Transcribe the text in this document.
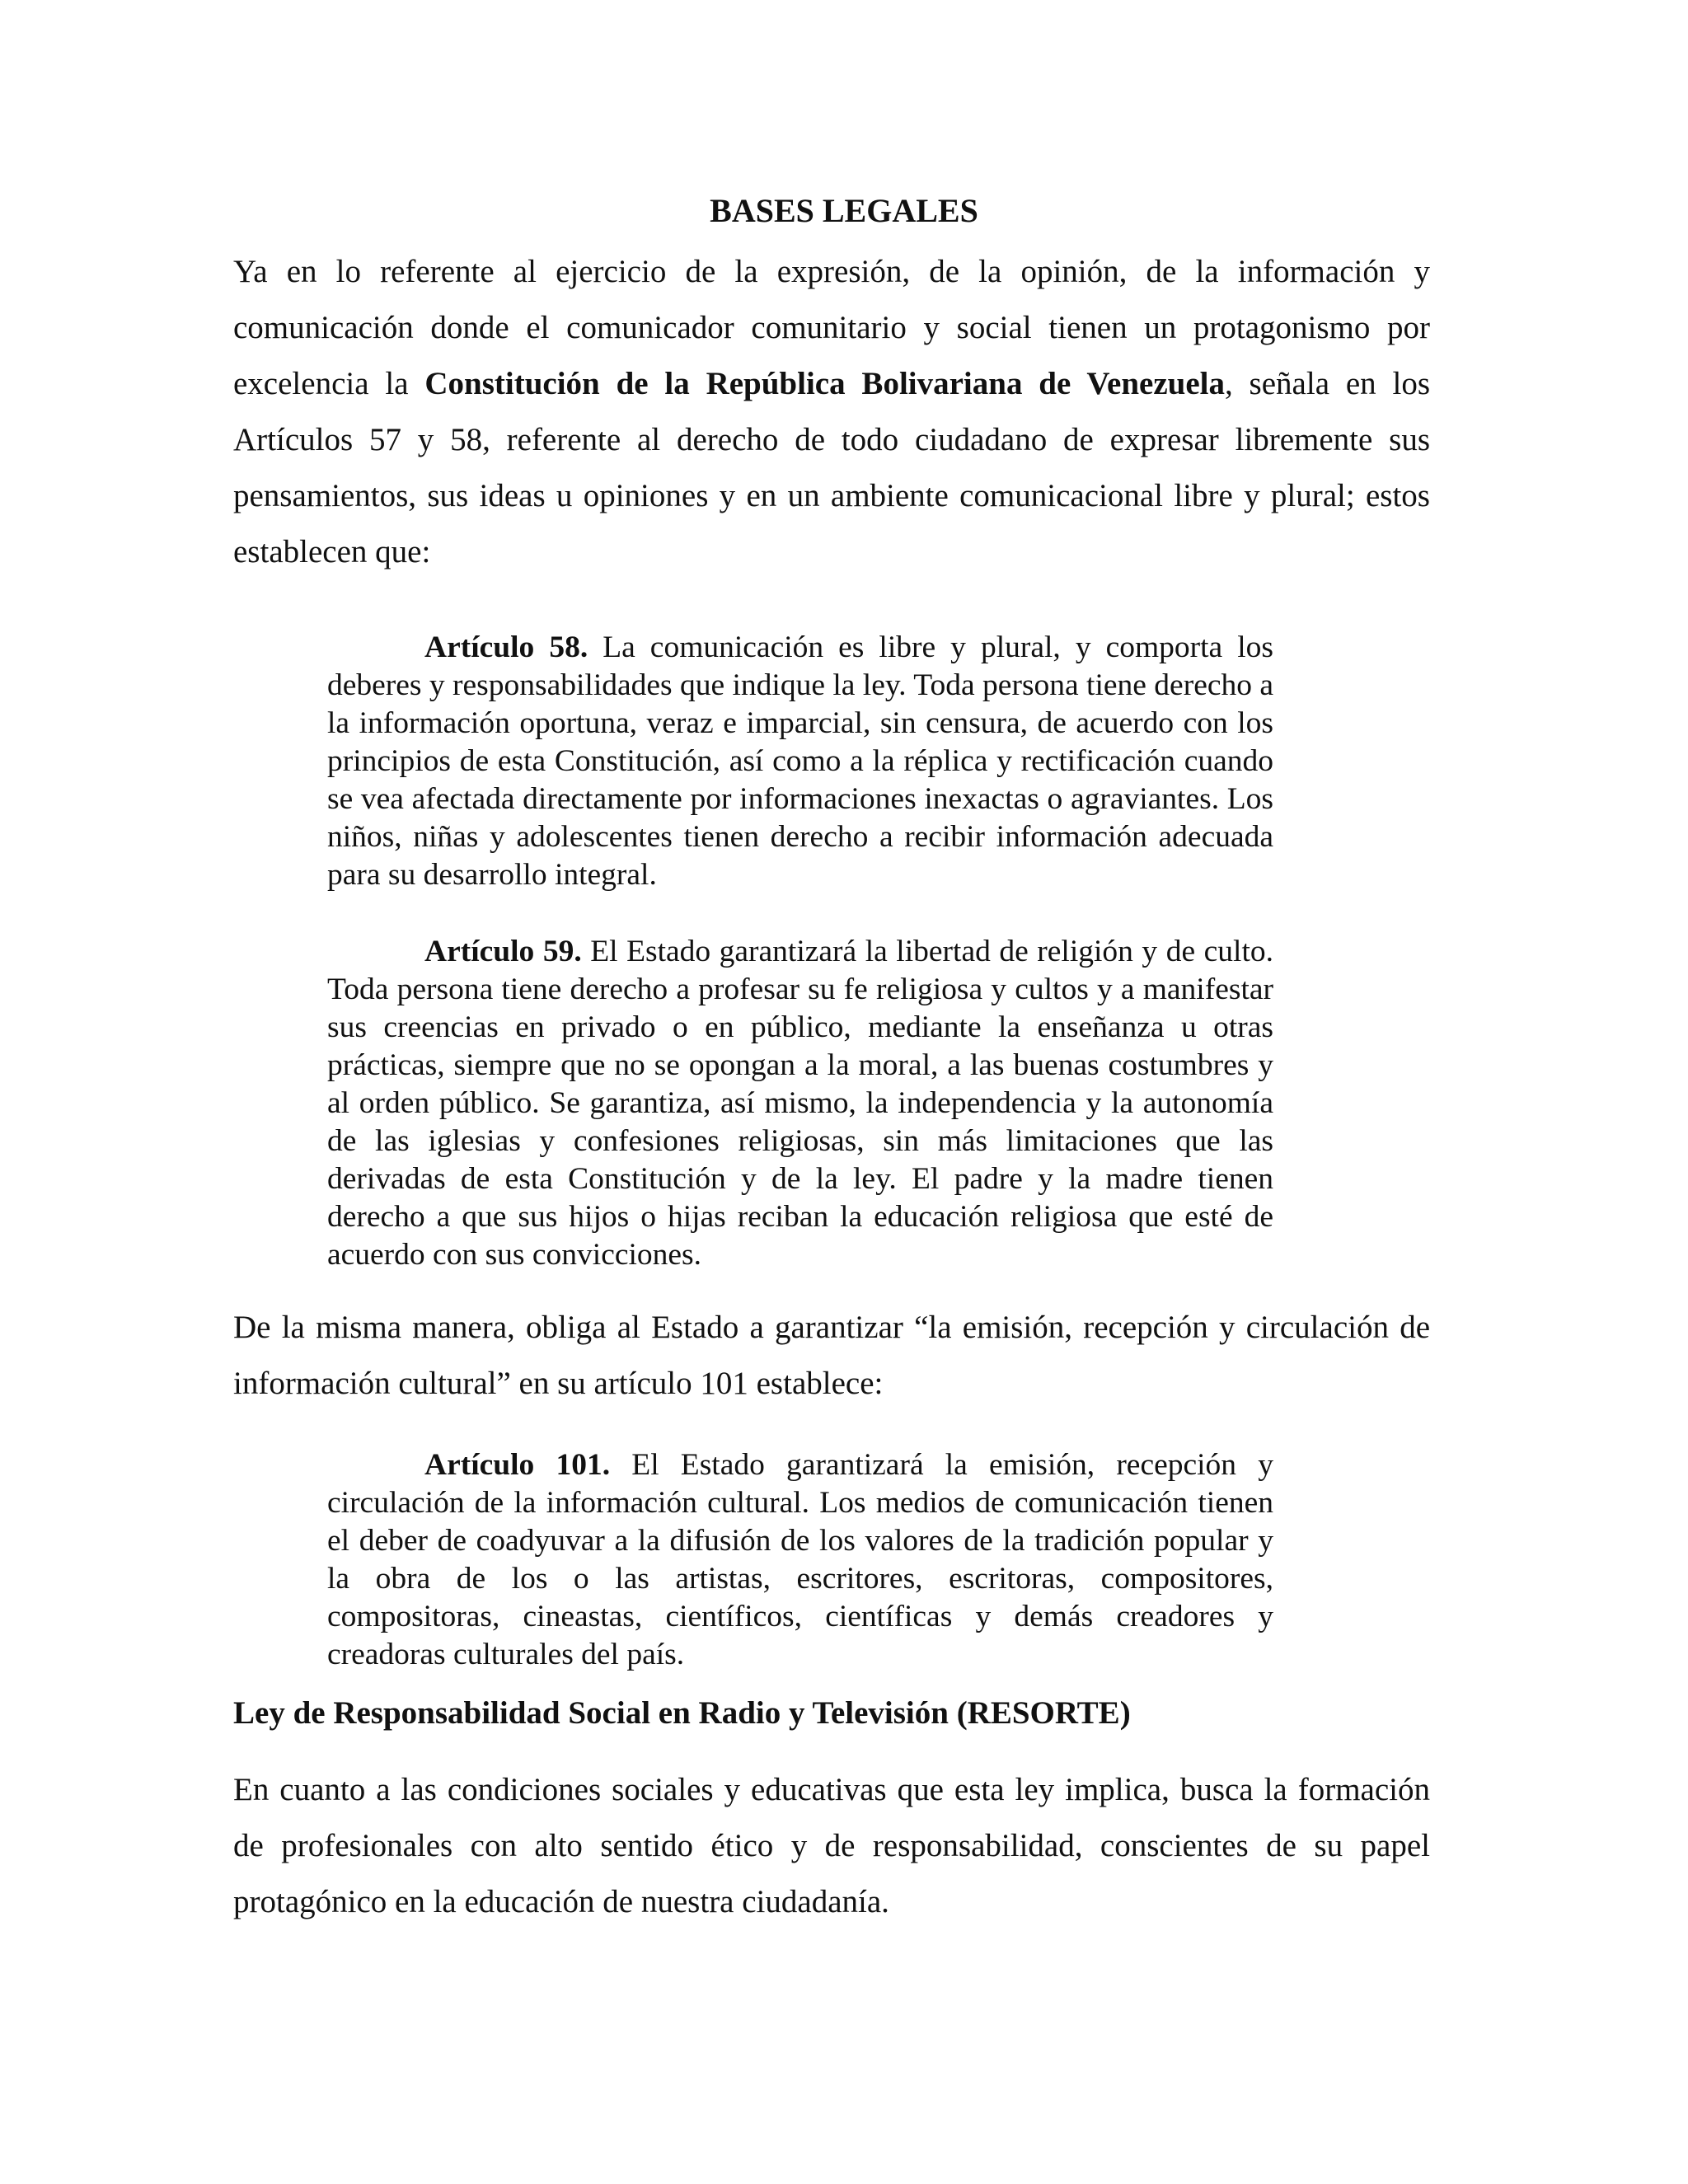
BASES LEGALES

Ya en lo referente al ejercicio de la expresión, de la opinión, de la información y comunicación donde el comunicador comunitario y social tienen un protagonismo por excelencia la Constitución de la República Bolivariana de Venezuela, señala en los Artículos 57 y 58, referente al derecho de todo ciudadano de expresar libremente sus pensamientos, sus ideas u opiniones y en un ambiente comunicacional libre y plural; estos establecen que:

Artículo 58. La comunicación es libre y plural, y comporta los deberes y responsabilidades que indique la ley. Toda persona tiene derecho a la información oportuna, veraz e imparcial, sin censura, de acuerdo con los principios de esta Constitución, así como a la réplica y rectificación cuando se vea afectada directamente por informaciones inexactas o agraviantes. Los niños, niñas y adolescentes tienen derecho a recibir información adecuada para su desarrollo integral.

Artículo 59. El Estado garantizará la libertad de religión y de culto. Toda persona tiene derecho a profesar su fe religiosa y cultos y a manifestar sus creencias en privado o en público, mediante la enseñanza u otras prácticas, siempre que no se opongan a la moral, a las buenas costumbres y al orden público. Se garantiza, así mismo, la independencia y la autonomía de las iglesias y confesiones religiosas, sin más limitaciones que las derivadas de esta Constitución y de la ley. El padre y la madre tienen derecho a que sus hijos o hijas reciban la educación religiosa que esté de acuerdo con sus convicciones.

De la misma manera, obliga al Estado a garantizar “la emisión, recepción y circulación de información cultural” en su artículo 101 establece:

Artículo 101. El Estado garantizará la emisión, recepción y circulación de la información cultural. Los medios de comunicación tienen el deber de coadyuvar a la difusión de los valores de la tradición popular y la obra de los o las artistas, escritores, escritoras, compositores, compositoras, cineastas, científicos, científicas y demás creadores y creadoras culturales del país.

Ley de Responsabilidad Social en Radio y Televisión (RESORTE)

En cuanto a las condiciones sociales y educativas que esta ley implica, busca la formación de profesionales con alto sentido ético y de responsabilidad, conscientes de su papel protagónico en la educación de nuestra ciudadanía.
